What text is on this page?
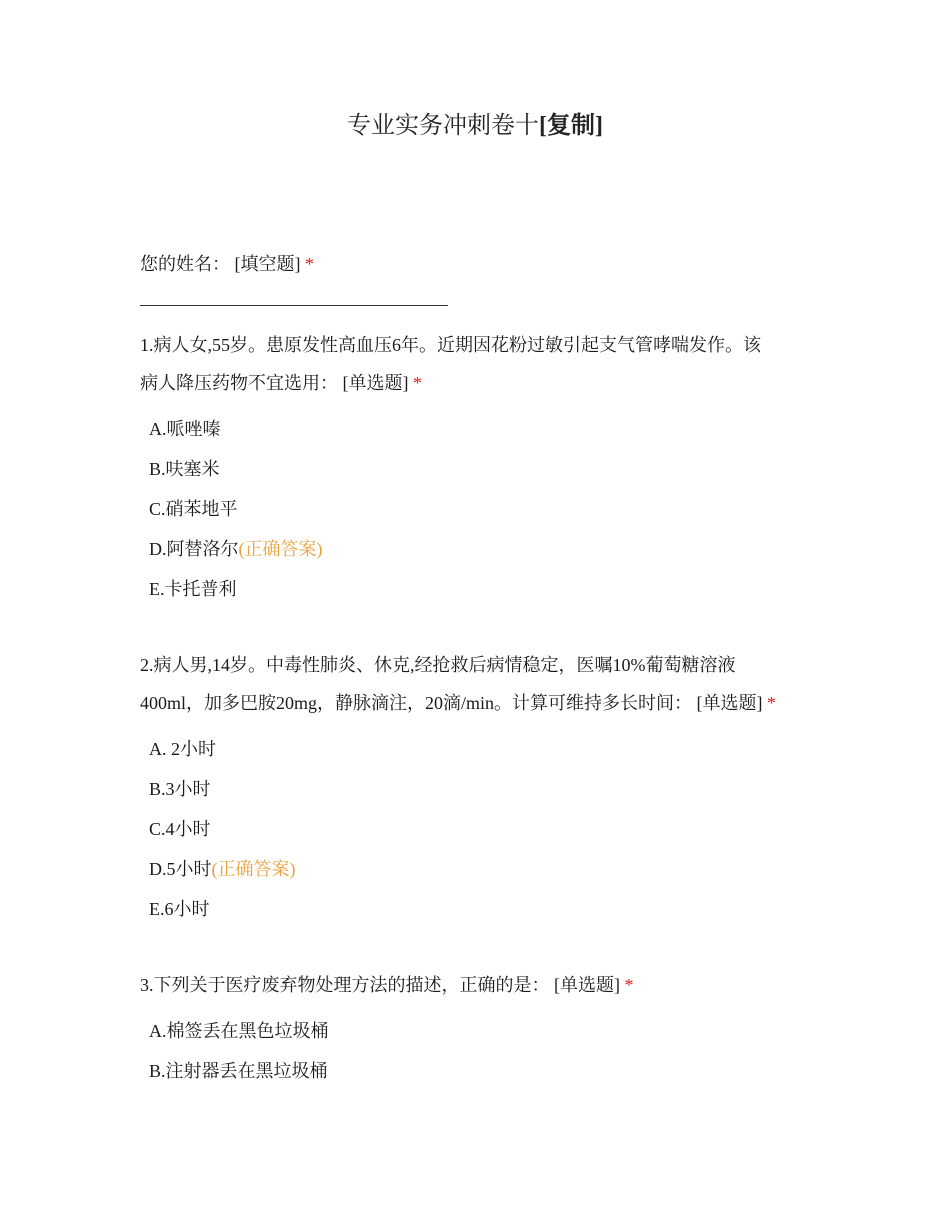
专业实务冲刺卷十[复制]
您的姓名： [填空题] *
1.病人女,55岁。患原发性高血压6年。近期因花粉过敏引起支气管哮喘发作。该
病人降压药物不宜选用： [单选题] *
A.哌唑嗪
B.呋塞米
C.硝苯地平
D.阿替洛尔(正确答案)
E.卡托普利
2.病人男,14岁。中毒性肺炎、休克,经抢救后病情稳定，医嘱10%葡萄糖溶液
400ml，加多巴胺20mg，静脉滴注，20滴/min。计算可维持多长时间： [单选题] *
A. 2小时
B.3小时
C.4小时
D.5小时(正确答案)
E.6小时
3.下列关于医疗废弃物处理方法的描述，正确的是： [单选题] *
A.棉签丢在黑色垃圾桶
B.注射器丢在黑垃圾桶
